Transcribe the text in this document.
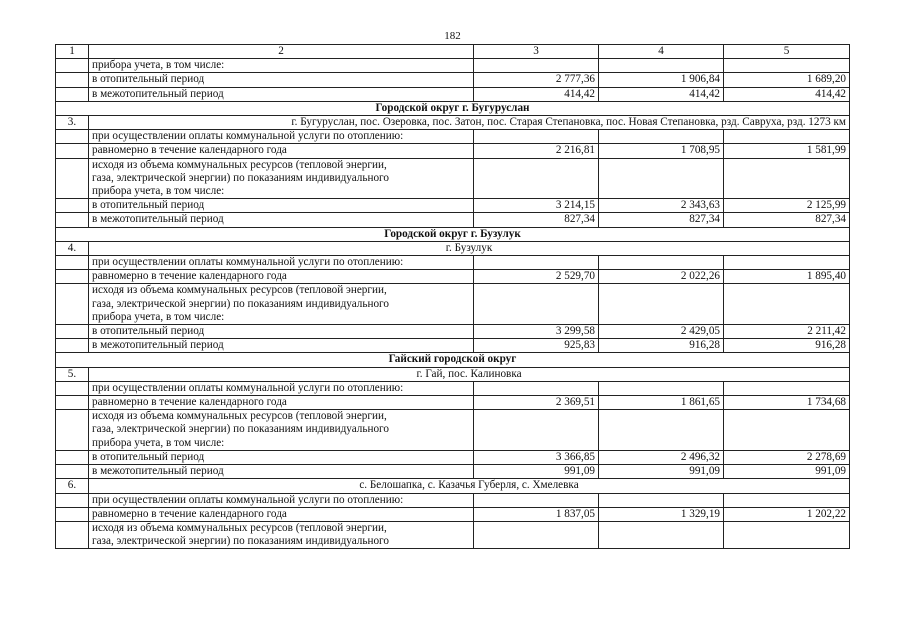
182
1	2	3	4	5
	прибора учета, в том числе:			
	в отопительный период	2 777,36	1 906,84	1 689,20
	в межотопительный период	414,42	414,42	414,42
Городской округ г. Бугуруслан				
3.	г. Бугуруслан, пос. Озеровка, пос. Затон, пос. Старая Степановка, пос. Новая Степановка, рзд. Савруха, рзд. 1273 км			
	при осуществлении оплаты коммунальной услуги по отоплению:			
	равномерно в течение календарного года	2 216,81	1 708,95	1 581,99

	исходя из объема коммунальных ресурсов (тепловой энергии,
газа, электрической энергии) по показаниям индивидуального
прибора учета, в том числе:			

	в отопительный период	3 214,15	2 343,63	2 125,99
	в межотопительный период	827,34	827,34	827,34
Городской округ г. Бузулук				
4.	г. Бузулук			
	при осуществлении оплаты коммунальной услуги по отоплению:			
	равномерно в течение календарного года	2 529,70	2 022,26	1 895,40

	исходя из объема коммунальных ресурсов (тепловой энергии,
газа, электрической энергии) по показаниям индивидуального
прибора учета, в том числе:			

	в отопительный период	3 299,58	2 429,05	2 211,42
	в межотопительный период	925,83	916,28	916,28
Гайский городской округ				
5.	г. Гай, пос. Калиновка			
	при осуществлении оплаты коммунальной услуги по отоплению:			
	равномерно в течение календарного года	2 369,51	1 861,65	1 734,68

	исходя из объема коммунальных ресурсов (тепловой энергии,
газа, электрической энергии) по показаниям индивидуального
прибора учета, в том числе:			

	в отопительный период	3 366,85	2 496,32	2 278,69
	в межотопительный период	991,09	991,09	991,09
6.	с. Белошапка, с. Казачья Губерля, с. Хмелевка			
	при осуществлении оплаты коммунальной услуги по отоплению:			
	равномерно в течение календарного года	1 837,05	1 329,19	1 202,22

	исходя из объема коммунальных ресурсов (тепловой энергии,
газа, электрической энергии) по показаниям индивидуального			
